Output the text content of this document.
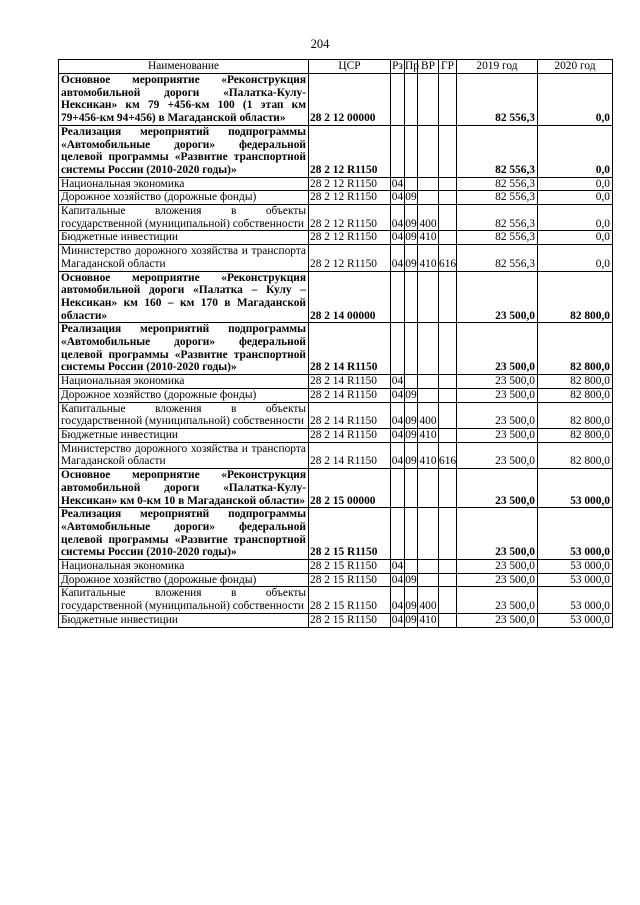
204
Наименование	ЦСР	Рз	Пр	ВР	ГР	2019 год	2020 год
Основное мероприятие «Реконструкция автомобильной дороги «Палатка-Кулу-Нексикан» км 79 +456-км 100 (1 этап км 79+456-км 94+456) в Магаданской области»	28 2 12 00000					82 556,3	0,0
Реализация мероприятий подпрограммы «Автомобильные дороги» федеральной целевой программы «Развитие транспортной системы России (2010-2020 годы)»	28 2 12 R1150					82 556,3	0,0
Национальная экономика	28 2 12 R1150	04				82 556,3	0,0
Дорожное хозяйство (дорожные фонды)	28 2 12 R1150	04	09			82 556,3	0,0
Капитальные вложения в объекты государственной (муниципальной) собственности	28 2 12 R1150	04	09	400		82 556,3	0,0
Бюджетные инвестиции	28 2 12 R1150	04	09	410		82 556,3	0,0
Министерство дорожного хозяйства и транспорта Магаданской области	28 2 12 R1150	04	09	410	616	82 556,3	0,0
Основное мероприятие «Реконструкция автомобильной дороги «Палатка – Кулу – Нексикан» км 160 – км 170 в Магаданской области»	28 2 14 00000					23 500,0	82 800,0
Реализация мероприятий подпрограммы «Автомобильные дороги» федеральной целевой программы «Развитие транспортной системы России (2010-2020 годы)»	28 2 14 R1150					23 500,0	82 800,0
Национальная экономика	28 2 14 R1150	04				23 500,0	82 800,0
Дорожное хозяйство (дорожные фонды)	28 2 14 R1150	04	09			23 500,0	82 800,0
Капитальные вложения в объекты государственной (муниципальной) собственности	28 2 14 R1150	04	09	400		23 500,0	82 800,0
Бюджетные инвестиции	28 2 14 R1150	04	09	410		23 500,0	82 800,0
Министерство дорожного хозяйства и транспорта Магаданской области	28 2 14 R1150	04	09	410	616	23 500,0	82 800,0
Основное мероприятие «Реконструкция автомобильной дороги «Палатка-Кулу-Нексикан» км 0-км 10 в Магаданской области»	28 2 15 00000					23 500,0	53 000,0
Реализация мероприятий подпрограммы «Автомобильные дороги» федеральной целевой программы «Развитие транспортной системы России (2010-2020 годы)»	28 2 15 R1150					23 500,0	53 000,0
Национальная экономика	28 2 15 R1150	04				23 500,0	53 000,0
Дорожное хозяйство (дорожные фонды)	28 2 15 R1150	04	09			23 500,0	53 000,0
Капитальные вложения в объекты государственной (муниципальной) собственности	28 2 15 R1150	04	09	400		23 500,0	53 000,0
Бюджетные инвестиции	28 2 15 R1150	04	09	410		23 500,0	53 000,0
